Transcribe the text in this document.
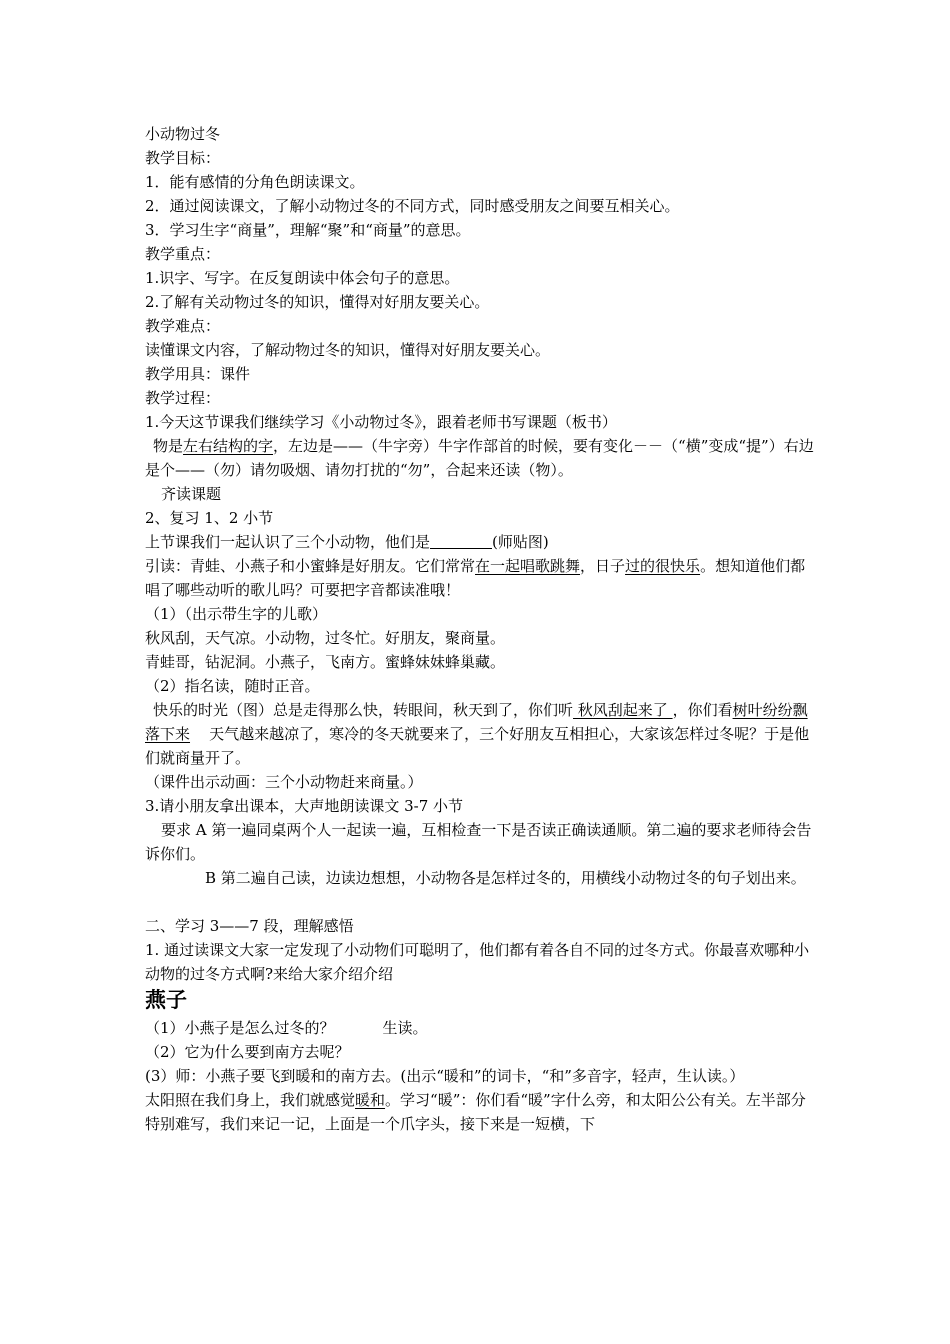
小动物过冬
教学目标：
1．能有感情的分角色朗读课文。
2．通过阅读课文，了解小动物过冬的不同方式，同时感受朋友之间要互相关心。
3．学习生字“商量”，理解“聚”和“商量”的意思。
教学重点：
1.识字、写字。在反复朗读中体会句子的意思。
2.了解有关动物过冬的知识，懂得对好朋友要关心。
教学难点：
读懂课文内容，了解动物过冬的知识，懂得对好朋友要关心。
教学用具：课件
教学过程：
1.今天这节课我们继续学习《小动物过冬》，跟着老师书写课题（板书）
物是左右结构的字，左边是——（牛字旁）牛字作部首的时候，要有变化－－（“横”变成“提”）右边是个——（勿）请勿吸烟、请勿打扰的“勿”，合起来还读（物）。
齐读课题
2、复习 1、2 小节
上节课我们一起认识了三个小动物，他们是	(师贴图)
引读：青蛙、小燕子和小蜜蜂是好朋友。它们常常在一起唱歌跳舞，日子过的很快乐。想知道他们都唱了哪些动听的歌儿吗？可要把字音都读准哦！
（1）（出示带生字的儿歌）
秋风刮，天气凉。小动物，过冬忙。好朋友，聚商量。
青蛙哥，钻泥洞。小燕子，飞南方。蜜蜂妹妹蜂巢藏。
（2）指名读，随时正音。
快乐的时光（图）总是走得那么快，转眼间，秋天到了，你们听 秋风刮起来了 ，你们看树叶纷纷飘落下来    天气越来越凉了，寒冷的冬天就要来了，三个好朋友互相担心，大家该怎样过冬呢？于是他们就商量开了。
（课件出示动画：三个小动物赶来商量。）
3.请小朋友拿出课本，大声地朗读课文 3-7 小节
要求 A 第一遍同桌两个人一起读一遍，互相检查一下是否读正确读通顺。第二遍的要求老师待会告诉你们。
B 第二遍自己读，边读边想想，小动物各是怎样过冬的，用横线小动物过冬的句子划出来。
二、学习 3——7 段，理解感悟
1. 通过读课文大家一定发现了小动物们可聪明了，他们都有着各自不同的过冬方式。你最喜欢哪种小动物的过冬方式啊?来给大家介绍介绍
燕子
（1）小燕子是怎么过冬的？	生读。
（2）它为什么要到南方去呢？
(3）师：小燕子要飞到暖和的南方去。(出示“暖和”的词卡，“和”多音字，轻声，生认读。）
太阳照在我们身上，我们就感觉暖和。学习“暖”：你们看“暖”字什么旁，和太阳公公有关。左半部分特别难写，我们来记一记，上面是一个爪字头，接下来是一短横，下
